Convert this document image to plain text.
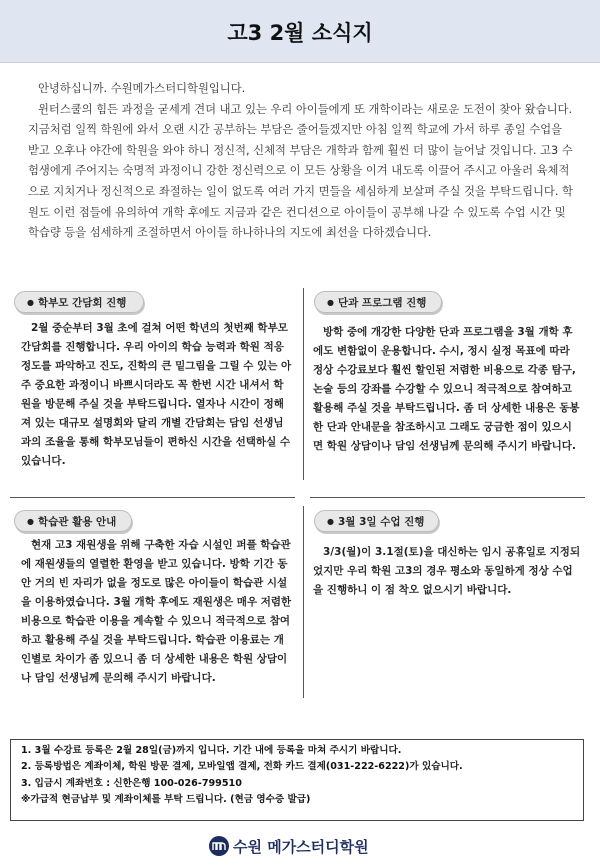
고3 2월 소식지

안녕하십니까. 수원메가스터디학원입니다.

윈터스쿨의 힘든 과정을 굳세게 견뎌 내고 있는 우리 아이들에게 또 개학이라는 새로운 도전이 찾아 왔습니다. 지금처럼 일찍 학원에 와서 오랜 시간 공부하는 부담은 줄어들겠지만 아침 일찍 학교에 가서 하루 종일 수업을 받고 오후나 야간에 학원을 와야 하니 정신적, 신체적 부담은 개학과 함께 훨씬 더 많이 늘어날 것입니다. 고3 수험생에게 주어지는 숙명적 과정이니 강한 정신력으로 이 모든 상황을 이겨 내도록 이끌어 주시고 아울러 육체적으로 지치거나 정신적으로 좌절하는 일이 없도록 여러 가지 면들을 세심하게 보살펴 주실 것을 부탁드립니다. 학원도 이런 점들에 유의하여 개학 후에도 지금과 같은 컨디션으로 아이들이 공부해 나갈 수 있도록 수업 시간 및 학습량 등을 섬세하게 조절하면서 아이들 하나하나의 지도에 최선을 다하겠습니다.

● 학부모 간담회 진행

2월 중순부터 3월 초에 걸쳐 어떤 학년의 첫번째 학부모 간담회를 진행합니다. 우리 아이의 학습 능력과 학원 적응 정도를 파악하고 진도, 진학의 큰 밑그림을 그릴 수 있는 아주 중요한 과정이니 바쁘시더라도 꼭 한번 시간 내셔서 학원을 방문해 주실 것을 부탁드립니다. 열자나 시간이 정해져 있는 대규모 설명회와 달리 개별 간담회는 담임 선생님과의 조율을 통해 학부모님들이 편하신 시간을 선택하실 수 있습니다.

● 단과 프로그램 진행

방학 중에 개강한 다양한 단과 프로그램을 3월 개학 후에도 변함없이 운용합니다. 수시, 정시 실정 목표에 따라 정상 수강료보다 훨씬 할인된 저렴한 비용으로 각종 탐구, 논술 등의 강좌를 수강할 수 있으니 적극적으로 참여하고 활용해 주실 것을 부탁드립니다. 좀 더 상세한 내용은 동봉한 단과 안내문을 참조하시고 그래도 궁금한 점이 있으시면 학원 상담이나 담임 선생님께 문의해 주시기 바랍니다.

● 학습관 활용 안내

현재 고3 재원생을 위해 구축한 자습 시설인 퍼플 학습관에 재원생들의 열렬한 환영을 받고 있습니다. 방학 기간 동안 거의 빈 자리가 없을 정도로 많은 아이들이 학습관 시설을 이용하였습니다. 3월 개학 후에도 재원생은 매우 저렴한 비용으로 학습관 이용을 계속할 수 있으니 적극적으로 참여하고 활용해 주실 것을 부탁드립니다. 학습관 이용료는 개인별로 차이가 좀 있으니 좀 더 상세한 내용은 학원 상담이나 담임 선생님께 문의해 주시기 바랍니다.

● 3월 3일 수업 진행

3/3(월)이 3.1절(토)을 대신하는 임시 공휴일로 지정되었지만 우리 학원 고3의 경우 평소와 동일하게 정상 수업을 진행하니 이 점 착오 없으시기 바랍니다.

1. 3월 수강료 등록은 2월 28일(금)까지 입니다. 기간 내에 등록을 마쳐 주시기 바랍니다.
2. 등록방법은 계좌이체, 학원 방문 결제, 모바일앱 결제, 전화 카드 결제(031-222-6222)가 있습니다.
3. 입금시 계좌번호 : 신한은행 100-026-799510
※가급적 현금납부 및 계좌이체를 부탁 드립니다. (현금 영수증 발급)
수원 메가스터디학원
